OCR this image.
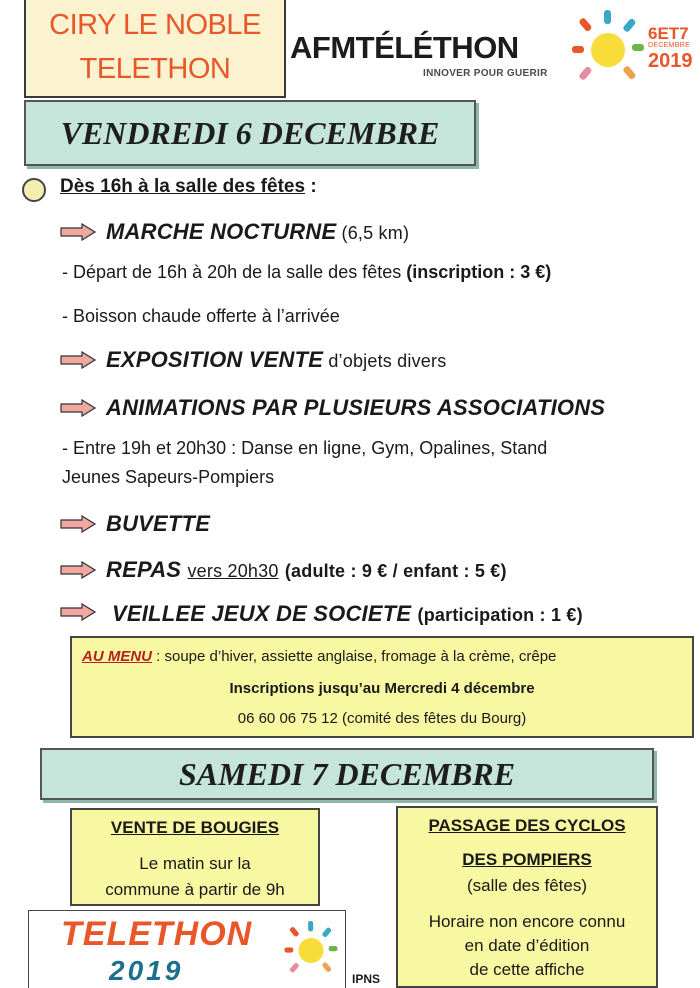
CIRY LE NOBLE
TELETHON
AFMTÉLÉTHON
INNOVER POUR GUERIR
6ET7
DECEMBRE
2019
VENDREDI 6 DECEMBRE
Dès 16h à la salle des fêtes :
MARCHE NOCTURNE (6,5 km)
- Départ de 16h à 20h de la salle des fêtes (inscription : 3 €)
- Boisson chaude offerte à l’arrivée
EXPOSITION VENTE d’objets divers
ANIMATIONS PAR PLUSIEURS ASSOCIATIONS
- Entre 19h et 20h30 : Danse en ligne, Gym, Opalines, Stand
Jeunes Sapeurs-Pompiers
BUVETTE
REPAS vers 20h30 (adulte : 9 € / enfant : 5 €)
VEILLEE JEUX DE SOCIETE (participation : 1 €)
AU MENU : soupe d’hiver, assiette anglaise, fromage à la crème, crêpe
Inscriptions jusqu’au Mercredi 4 décembre
06 60 06 75 12 (comité des fêtes du Bourg)
SAMEDI 7 DECEMBRE
VENTE DE BOUGIES
Le matin sur la
commune à partir de 9h
PASSAGE DES CYCLOS
DES POMPIERS
(salle des fêtes)
Horaire non encore connu
en date d’édition
de cette affiche
TELETHON
2019	IPNS
